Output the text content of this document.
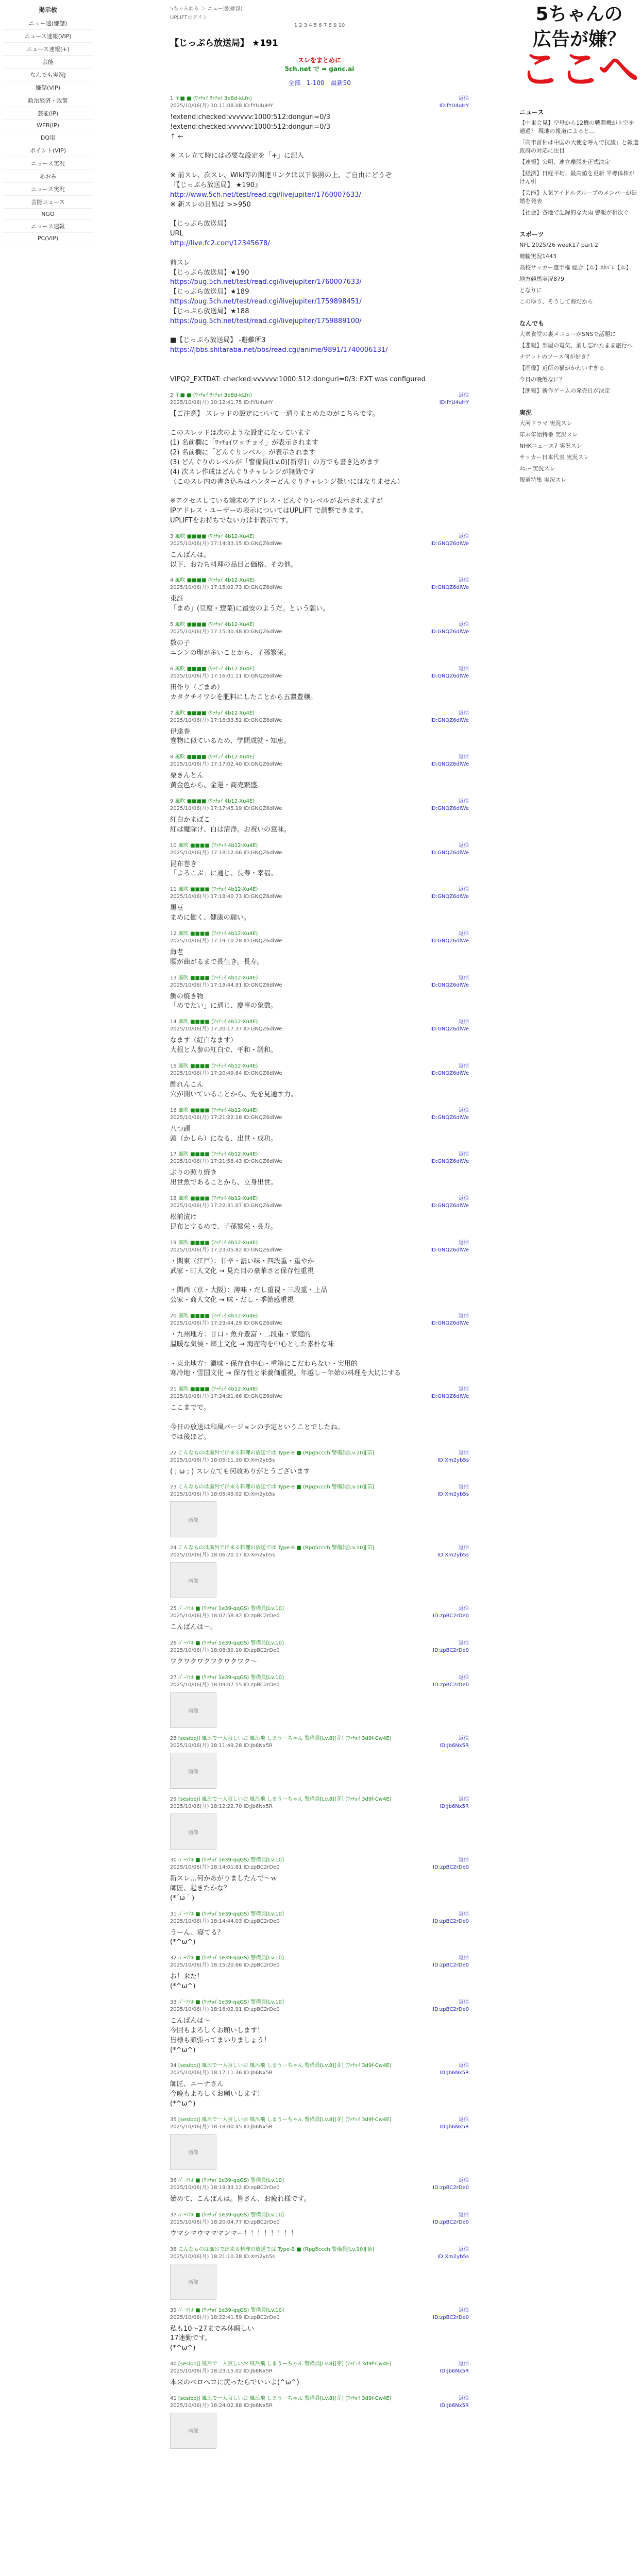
掲示板
ニュー速(嫌儲)
ニュース速報(VIP)
ニュース速報(+)
芸能
なんでも実況J
嫌儲(VIP)
政治経済・政策
芸能(IP)
WEB(IP)
DQ用
ポイント(VIP)
ニュース実況
あおみ
ニュース実況
芸能ニュース
NGO
ニュース速報
PC(VIP)
5ちゃんねる ＞ ニュー速(嫌儲)
UPLIFTログイン
1 2 3 4 5 6 7 8 9 10
【じっぷら放送局】 ★191
スレをまとめに
5ch.net で ➡ ganc.ai
全部 1-100 最新50
1 〒■ ■ (ﾜｯﾁｮｲ ﾜｯﾁｮｲ 3e8d-kLfn)
2025/10/06(月) 10:11:08.08 ID:fYU4uHY
返信
ID:fYU4uHY
!extend:checked:vvvvvv:1000:512:donguri=0/3
!extend:checked:vvvvvv:1000:512:donguri=0/3
↑ ←

※ スレ立て時には必要な設定を「+」に記入

※ 前スレ、次スレ、Wiki等の関連リンクは以下参照の上、ご自由にどうぞ
『【じっぷら放送局】 ★190』
http://www.5ch.net/test/read.cgi/livejupiter/1760007633/
※ 新スレの目処は >>950

【じっぷら放送局】
URL
http://live.fc2.com/12345678/

前スレ
【じっぷら放送局】★190
https://pug.5ch.net/test/read.cgi/livejupiter/1760007633/
【じっぷら放送局】★189
https://pug.5ch.net/test/read.cgi/livejupiter/1759898451/
【じっぷら放送局】★188
https://pug.5ch.net/test/read.cgi/livejupiter/1759889100/

■【じっぷら放送局】 -避難所3
https://jbbs.shitaraba.net/bbs/read.cgi/anime/9891/1740006131/

VIPQ2_EXTDAT: checked:vvvvvv:1000:512:donguri=0/3: EXT was configured
2 〒■ ■ (ﾜｯﾁｮｲ ﾜｯﾁｮｲ 3e8d-kLfn)
2025/10/06(月) 10:12:41.75 ID:fYU4uHY
返信
ID:fYU4uHY
【ご注意】 スレッドの設定について一通りまとめたのがこちらです。

このスレッドは次のような設定になっています
(1) 名前欄に「ﾜｯﾁｮｲワッチョイ」が表示されます
(2) 名前欄に「どんぐりレベル」が表示されます
(3) どんぐりのレベルが「警備員(Lv.0)[新芽]」の方でも書き込めます
(4) 次スレ作成はどんぐりチャレンジが無効です
（このスレ内の書き込みはハンターどんぐりチャレンジ扱いにはなりません）

※アクセスしている端末のアドレス・どんぐりレベルが表示されますが
IPアドレス・ユーザーの表示についてはUPLIFT で調整できます。
UPLIFTをお持ちでない方は非表示です。
3 風吹 ■■■■ (ﾜｯﾁｮｲ 4b12-Xu4E)
2025/10/06(月) 17:14:33.15 ID:GNQZ6dlWe
返信
ID:GNQZ6dlWe
こんばんは。
以下、おむち料理の品目と価格、その他。
4 風吹 ■■■■ (ﾜｯﾁｮｲ 4b12-Xu4E)
2025/10/06(月) 17:15:02.73 ID:GNQZ6dlWe
返信
ID:GNQZ6dlWe
東証
「まめ」(豆腐・惣菜)に最安のようだ。という願い。
5 風吹 ■■■■ (ﾜｯﾁｮｲ 4b12-Xu4E)
2025/10/06(月) 17:15:30.48 ID:GNQZ6dlWe
返信
ID:GNQZ6dlWe
数の子
ニシンの卵が多いことから、子孫繁栄。
6 風吹 ■■■■ (ﾜｯﾁｮｲ 4b12-Xu4E)
2025/10/06(月) 17:16:01.11 ID:GNQZ6dlWe
返信
ID:GNQZ6dlWe
田作り（ごまめ）
カタクチイワシを肥料にしたことから五穀豊穣。
7 風吹 ■■■■ (ﾜｯﾁｮｲ 4b12-Xu4E)
2025/10/06(月) 17:16:33.52 ID:GNQZ6dlWe
返信
ID:GNQZ6dlWe
伊達巻
巻物に似ているため、学問成就・知恵。
8 風吹 ■■■■ (ﾜｯﾁｮｲ 4b12-Xu4E)
2025/10/06(月) 17:17:02.40 ID:GNQZ6dlWe
返信
ID:GNQZ6dlWe
栗きんとん
黄金色から、金運・商売繁盛。
9 風吹 ■■■■ (ﾜｯﾁｮｲ 4b12-Xu4E)
2025/10/06(月) 17:17:45.19 ID:GNQZ6dlWe
返信
ID:GNQZ6dlWe
紅白かまぼこ
紅は魔除け、白は清浄。お祝いの意味。
10 風吹 ■■■■ (ﾜｯﾁｮｲ 4b12-Xu4E)
2025/10/06(月) 17:18:12.06 ID:GNQZ6dlWe
返信
ID:GNQZ6dlWe
昆布巻き
「よろこぶ」に通じ、長寿・幸福。
11 風吹 ■■■■ (ﾜｯﾁｮｲ 4b12-Xu4E)
2025/10/06(月) 17:18:40.73 ID:GNQZ6dlWe
返信
ID:GNQZ6dlWe
黒豆
まめに働く、健康の願い。
12 風吹 ■■■■ (ﾜｯﾁｮｲ 4b12-Xu4E)
2025/10/06(月) 17:19:10.28 ID:GNQZ6dlWe
返信
ID:GNQZ6dlWe
海老
腰が曲がるまで長生き。長寿。
13 風吹 ■■■■ (ﾜｯﾁｮｲ 4b12-Xu4E)
2025/10/06(月) 17:19:44.91 ID:GNQZ6dlWe
返信
ID:GNQZ6dlWe
鯛の焼き物
「めでたい」に通じ、慶事の象徴。
14 風吹 ■■■■ (ﾜｯﾁｮｲ 4b12-Xu4E)
2025/10/06(月) 17:20:17.37 ID:GNQZ6dlWe
返信
ID:GNQZ6dlWe
なます（紅白なます）
大根と人参の紅白で、平和・調和。
15 風吹 ■■■■ (ﾜｯﾁｮｲ 4b12-Xu4E)
2025/10/06(月) 17:20:49.64 ID:GNQZ6dlWe
返信
ID:GNQZ6dlWe
酢れんこん
穴が開いていることから、先を見通す力。
16 風吹 ■■■■ (ﾜｯﾁｮｲ 4b12-Xu4E)
2025/10/06(月) 17:21:22.18 ID:GNQZ6dlWe
返信
ID:GNQZ6dlWe
八つ頭
頭（かしら）になる、出世・成功。
17 風吹 ■■■■ (ﾜｯﾁｮｲ 4b12-Xu4E)
2025/10/06(月) 17:21:58.43 ID:GNQZ6dlWe
返信
ID:GNQZ6dlWe
ぶりの照り焼き
出世魚であることから、立身出世。
18 風吹 ■■■■ (ﾜｯﾁｮｲ 4b12-Xu4E)
2025/10/06(月) 17:22:31.07 ID:GNQZ6dlWe
返信
ID:GNQZ6dlWe
松前漬け
昆布とするめで、子孫繁栄・長寿。
19 風吹 ■■■■ (ﾜｯﾁｮｲ 4b12-Xu4E)
2025/10/06(月) 17:23:05.82 ID:GNQZ6dlWe
返信
ID:GNQZ6dlWe
・関東（江戸）：甘辛・濃い味・四段重・重やか
武家・町人文化 → 見た目の豪華さと保存性重視

・関西（京・大阪）：薄味・だし重視・三段重・上品
公家・商人文化 → 味・だし・季節感重視
20 風吹 ■■■■ (ﾜｯﾁｮｲ 4b12-Xu4E)
2025/10/06(月) 17:23:44.29 ID:GNQZ6dlWe
返信
ID:GNQZ6dlWe
・九州地方：甘口・魚介豊富・二段重・家庭的
温暖な気候・郷土文化 → 海産物を中心とした素朴な味

・東北地方：濃味・保存食中心・重箱にこだわらない・実用的
寒冷地・雪国文化 → 保存性と栄養価重視。年越し〜年始の料理を大切にする
21 風吹 ■■■■ (ﾜｯﾁｮｲ 4b12-Xu4E)
2025/10/06(月) 17:24:21.66 ID:GNQZ6dlWe
返信
ID:GNQZ6dlWe
ここまでで。

今日の放送は和風バージョンの予定ということでしたね。
では後ほど。
22 こんなものは風呂で出来る料理の放送では Type-B ■ (Rpg5ccch 警備員[Lv.10][苗]
2025/10/06(月) 18:05:11.30 ID:Xm2yb5s
返信
ID:Xm2yb5s
( ; ω ; ) スレ立ても何故ありがとうございます
23 こんなものは風呂で出来る料理の放送では Type-B ■ (Rpg5ccch 警備員[Lv.10][苗]
2025/10/06(月) 18:05:45.02 ID:Xm2yb5s
返信
ID:Xm2yb5s
画像
24 こんなものは風呂で出来る料理の放送では Type-B ■ (Rpg5ccch 警備員[Lv.10][苗]
2025/10/06(月) 18:06:20.17 ID:Xm2yb5s
返信
ID:Xm2yb5s
画像
25 ﾊﾟｰｿﾅﾙ ■ (ﾜｯﾁｮｲ 1e39-qqGS) 警備員[Lv.10]
2025/10/06(月) 18:07:58.42 ID:zpBC2rDe0
返信
ID:zpBC2rDe0
こんばんは〜。
26 ﾊﾟｰｿﾅﾙ ■ (ﾜｯﾁｮｲ 1e39-qqGS) 警備員[Lv.10]
2025/10/06(月) 18:08:30.10 ID:zpBC2rDe0
返信
ID:zpBC2rDe0
ワクワクワクワクワクワク〜
27 ﾊﾟｰｿﾅﾙ ■ (ﾜｯﾁｮｲ 1e39-qqGS) 警備員[Lv.10]
2025/10/06(月) 18:09:07.55 ID:zpBC2rDe0
返信
ID:zpBC2rDe0
画像
28 [sesiboj] 風呂で一人寂しいお 風呂飛 しまうーちゃん 警備員[Lv.8][芽] (ﾜｯﾁｮｲ 3d9f-Cw4E)
2025/10/06(月) 18:11:49.28 ID:Jb6Nx5R
返信
ID:Jb6Nx5R
画像
29 [sesiboj] 風呂で一人寂しいお 風呂飛 しまうーちゃん 警備員[Lv.8][芽] (ﾜｯﾁｮｲ 3d9f-Cw4E)
2025/10/06(月) 18:12:22.70 ID:Jb6Nx5R
返信
ID:Jb6Nx5R
画像
30 ﾊﾟｰｿﾅﾙ ■ (ﾜｯﾁｮｲ 1e39-qqGS) 警備員[Lv.10]
2025/10/06(月) 18:14:01.81 ID:zpBC2rDe0
返信
ID:zpBC2rDe0
新スレ…何かあがりましたんで〜ｗ
師匠、起きたかな？
(*´ω｀)
31 ﾊﾟｰｿﾅﾙ ■ (ﾜｯﾁｮｲ 1e39-qqGS) 警備員[Lv.10]
2025/10/06(月) 18:14:44.03 ID:zpBC2rDe0
返信
ID:zpBC2rDe0
うーん、寝てる？
(*^ω^)
32 ﾊﾟｰｿﾅﾙ ■ (ﾜｯﾁｮｲ 1e39-qqGS) 警備員[Lv.10]
2025/10/06(月) 18:15:20.66 ID:zpBC2rDe0
返信
ID:zpBC2rDe0
お！来た！
(*^ω^)
33 ﾊﾟｰｿﾅﾙ ■ (ﾜｯﾁｮｲ 1e39-qqGS) 警備員[Lv.10]
2025/10/06(月) 18:16:02.91 ID:zpBC2rDe0
返信
ID:zpBC2rDe0
こんばんは〜
今回もよろしくお願いします！
皆様も頑張ってまいりましょう！
(*^ω^)
34 [sesiboj] 風呂で一人寂しいお 風呂飛 しまうーちゃん 警備員[Lv.8][芽] (ﾜｯﾁｮｲ 3d9f-Cw4E)
2025/10/06(月) 18:17:11.36 ID:Jb6Nx5R
返信
ID:Jb6Nx5R
師匠、ニーナさん
今晩もよろしくお願いします！
(*^ω^)
35 [sesiboj] 風呂で一人寂しいお 風呂飛 しまうーちゃん 警備員[Lv.8][芽] (ﾜｯﾁｮｲ 3d9f-Cw4E)
2025/10/06(月) 18:18:00.45 ID:Jb6Nx5R
返信
ID:Jb6Nx5R
画像
36 ﾊﾟｰｿﾅﾙ ■ (ﾜｯﾁｮｲ 1e39-qqGS) 警備員[Lv.10]
2025/10/06(月) 18:19:33.12 ID:zpBC2rDe0
返信
ID:zpBC2rDe0
始めて、こんばんは。皆さん、お疲れ様です。
37 ﾊﾟｰｿﾅﾙ ■ (ﾜｯﾁｮｲ 1e39-qqGS) 警備員[Lv.10]
2025/10/06(月) 18:20:04.77 ID:zpBC2rDe0
返信
ID:zpBC2rDe0
ウマシマウマママンマー！！！！！！！！
38 こんなものは風呂で出来る料理の放送では Type-B ■ (Rpg5ccch 警備員[Lv.10][苗]
2025/10/06(月) 18:21:10.38 ID:Xm2yb5s
返信
ID:Xm2yb5s
画像
39 ﾊﾟｰｿﾅﾙ ■ (ﾜｯﾁｮｲ 1e39-qqGS) 警備員[Lv.10]
2025/10/06(月) 18:22:41.59 ID:zpBC2rDe0
返信
ID:zpBC2rDe0
私も10〜27までみ休暇しい
17連勤です。
(*^ω^)
40 [sesiboj] 風呂で一人寂しいお 風呂飛 しまうーちゃん 警備員[Lv.8][芽] (ﾜｯﾁｮｲ 3d9f-Cw4E)
2025/10/06(月) 18:23:15.02 ID:Jb6Nx5R
返信
ID:Jb6Nx5R
本来のペロペロに戻ったらでいいよ(^ω^)
41 [sesiboj] 風呂で一人寂しいお 風呂飛 しまうーちゃん 警備員[Lv.8][芽] (ﾜｯﾁｮｲ 3d9f-Cw4E)
2025/10/06(月) 18:24:02.88 ID:Jb6Nx5R
返信
ID:Jb6Nx5R
画像
5ちゃんの
広告が嫌？
ここへ
ニュース

【中東会見】空母から12機の戦闘機が上空を通過？ 現地の報道によると…

「高市首相は中国の大使を呼んで抗議」と報道 政府の対応に注目

【速報】公明、連立離脱を正式決定

【経済】日経平均、最高値を更新 半導体株がけん引

【芸能】人気アイドルグループのメンバーが結婚を発表

【社会】各地で記録的な大雨 警報が相次ぐ

スポーツ

NFL 2025/26 week17 part 2

競輪実況1443

高校サッカー選手権 総合【ｽﾚ】ﾈﾀﾊﾞﾚ【ｽﾚ】

地方競馬実況879

となりに

このゆう、そうして海だから

なんでも

大衆食堂の裏メニューがSNSで話題に

【悲報】部屋の電気、消し忘れたまま旅行へ

ナゲットのソース何が好き？

【画像】近所の猫がかわいすぎる

今日の晩飯なに？

【朗報】新作ゲームの発売日が決定

実況

大河ドラマ 実況スレ

年末年始特番 実況スレ

NHKニュース7 実況スレ

サッカー日本代表 実況スレ

ﾒﾆｭｰ 実況スレ

報道特集 実況スレ
